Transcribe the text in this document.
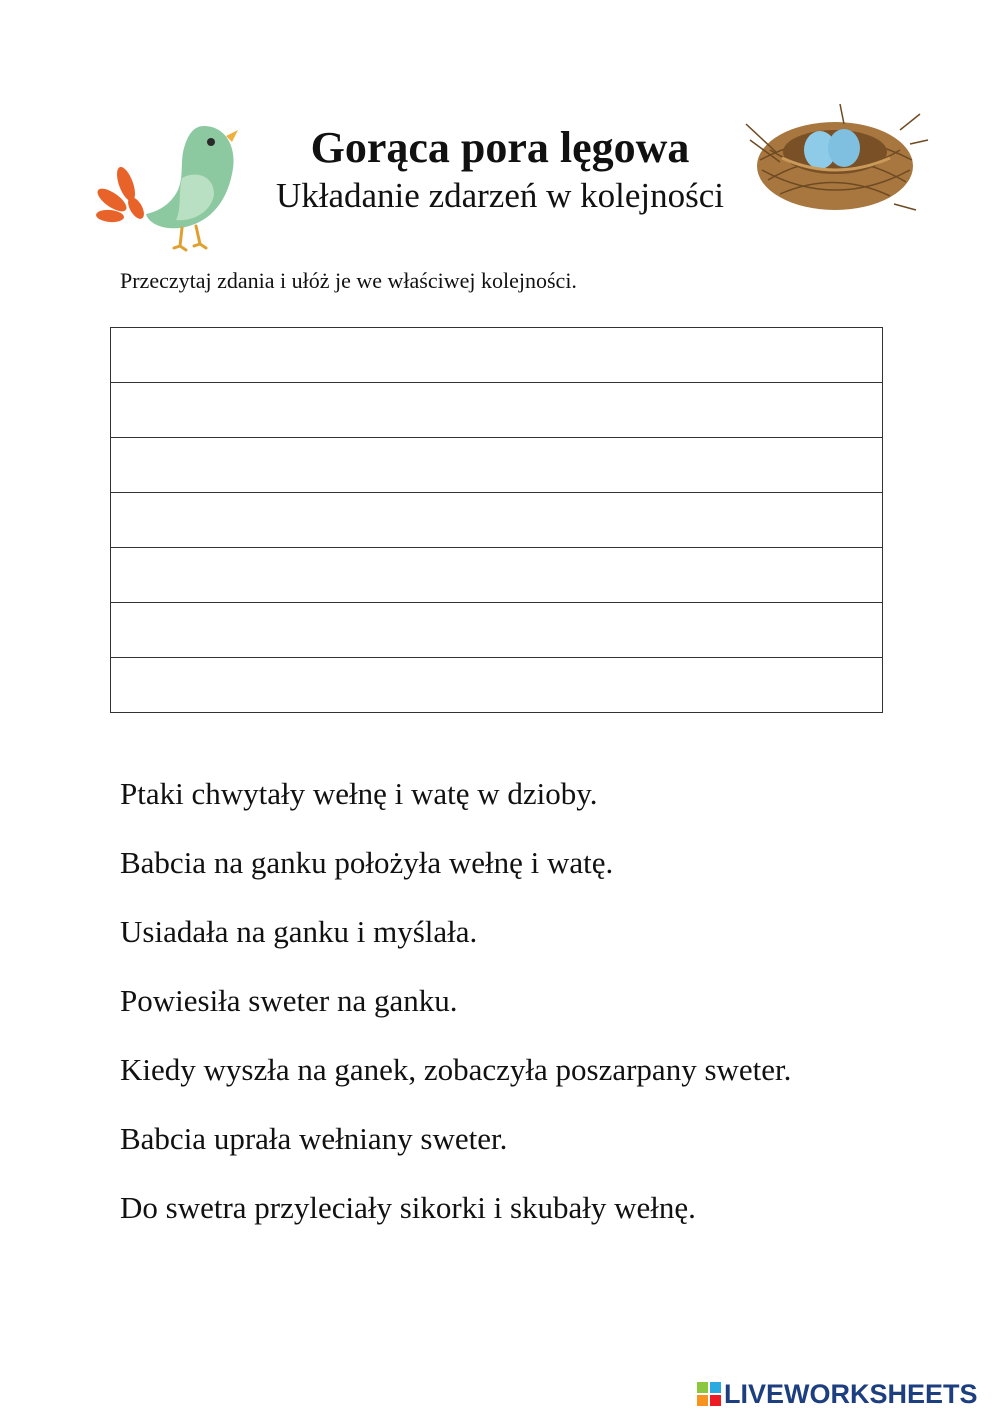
Gorąca pora lęgowa
Układanie zdarzeń w kolejności
Przeczytaj zdania i ułóż je we właściwej kolejności.

Ptaki chwytały wełnę i watę w dzioby.
Babcia na ganku położyła wełnę i watę.
Usiadała na ganku i myślała.
Powiesiła sweter na ganku.
Kiedy wyszła na ganek, zobaczyła poszarpany sweter.
Babcia uprała wełniany sweter.
Do swetra przyleciały sikorki i skubały wełnę.
LIVEWORKSHEETS
